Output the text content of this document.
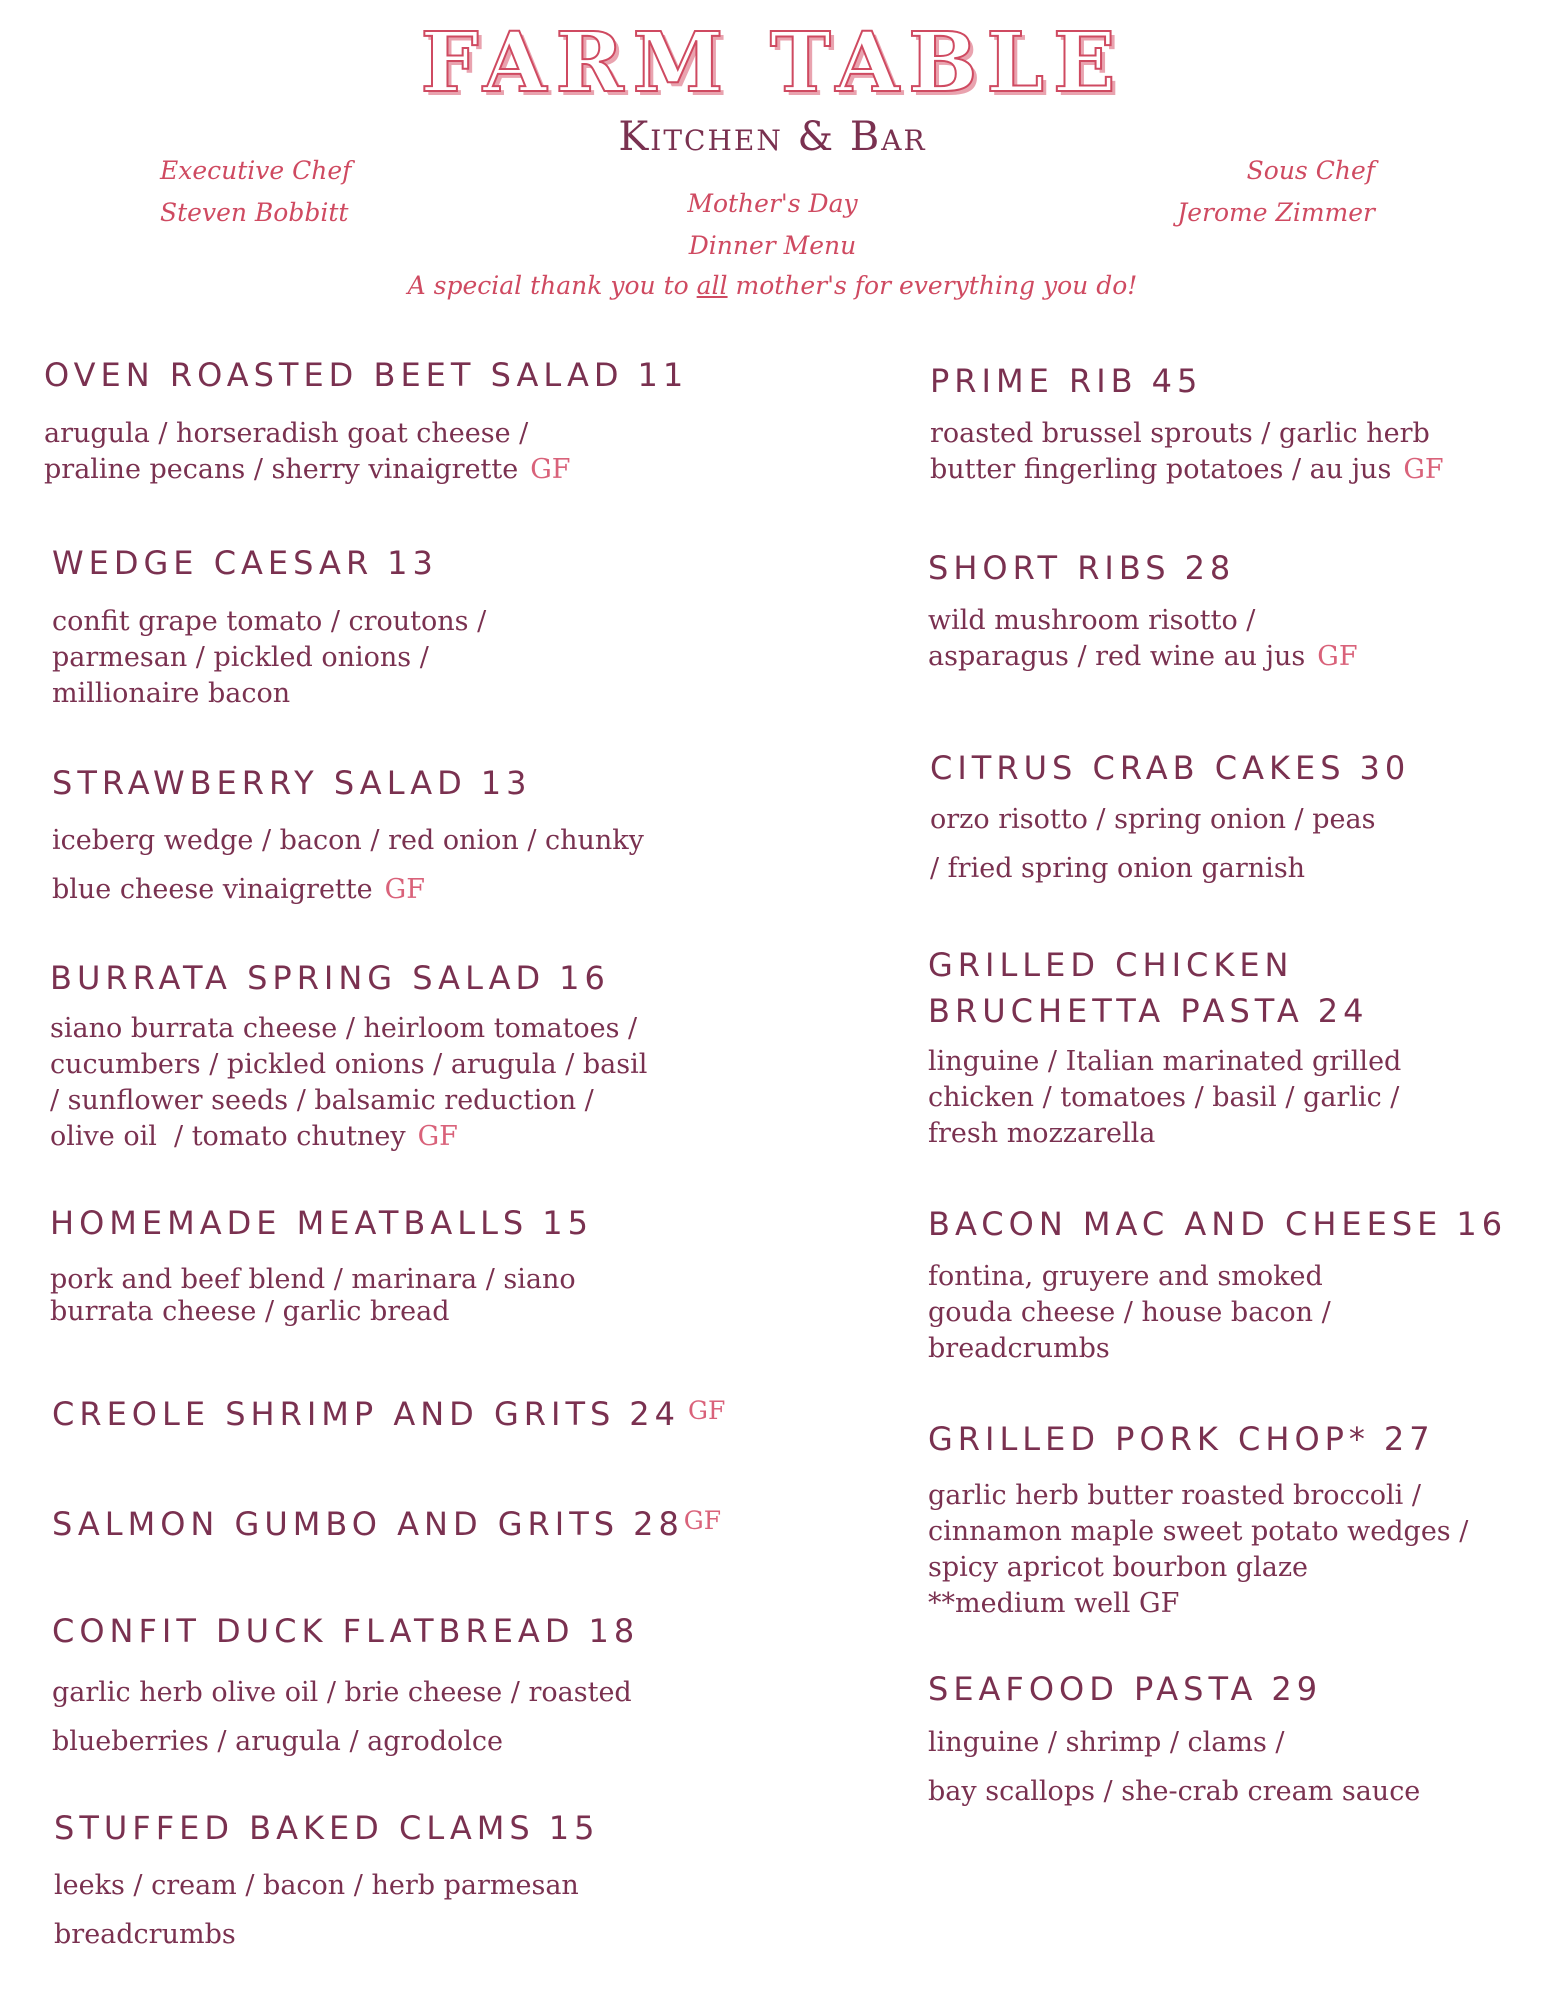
FARM TABLE
Kitchen & Bar
Executive Chef
Steven Bobbitt
Sous Chef
Jerome Zimmer
Mother's Day
Dinner Menu
A special thank you to all mother's for everything you do!
OVEN ROASTED BEET SALAD 11
arugula / horseradish goat cheese /
praline pecans / sherry vinaigrette GF
WEDGE CAESAR 13
confit grape tomato / croutons /
parmesan / pickled onions /
millionaire bacon
STRAWBERRY SALAD 13
iceberg wedge / bacon / red onion / chunky
blue cheese vinaigrette GF
BURRATA SPRING SALAD 16
siano burrata cheese / heirloom tomatoes /
cucumbers / pickled onions / arugula / basil
/ sunflower seeds / balsamic reduction /
olive oil  / tomato chutney GF
HOMEMADE MEATBALLS 15
pork and beef blend / marinara / siano
burrata cheese / garlic bread
CREOLE SHRIMP AND GRITS 24 GF
SALMON GUMBO AND GRITS 28GF
CONFIT DUCK FLATBREAD 18
garlic herb olive oil / brie cheese / roasted
blueberries / arugula / agrodolce
STUFFED BAKED CLAMS 15
leeks / cream / bacon / herb parmesan
breadcrumbs
PRIME RIB 45
roasted brussel sprouts / garlic herb
butter fingerling potatoes / au jus GF
SHORT RIBS 28
wild mushroom risotto /
asparagus / red wine au jus GF
CITRUS CRAB CAKES 30
orzo risotto / spring onion / peas
/ fried spring onion garnish
GRILLED CHICKEN
BRUCHETTA PASTA 24
linguine / Italian marinated grilled
chicken / tomatoes / basil / garlic /
fresh mozzarella
BACON MAC AND CHEESE 16
fontina, gruyere and smoked
gouda cheese / house bacon /
breadcrumbs
GRILLED PORK CHOP* 27
garlic herb butter roasted broccoli /
cinnamon maple sweet potato wedges /
spicy apricot bourbon glaze
**medium well GF
SEAFOOD PASTA 29
linguine / shrimp / clams /
bay scallops / she-crab cream sauce
